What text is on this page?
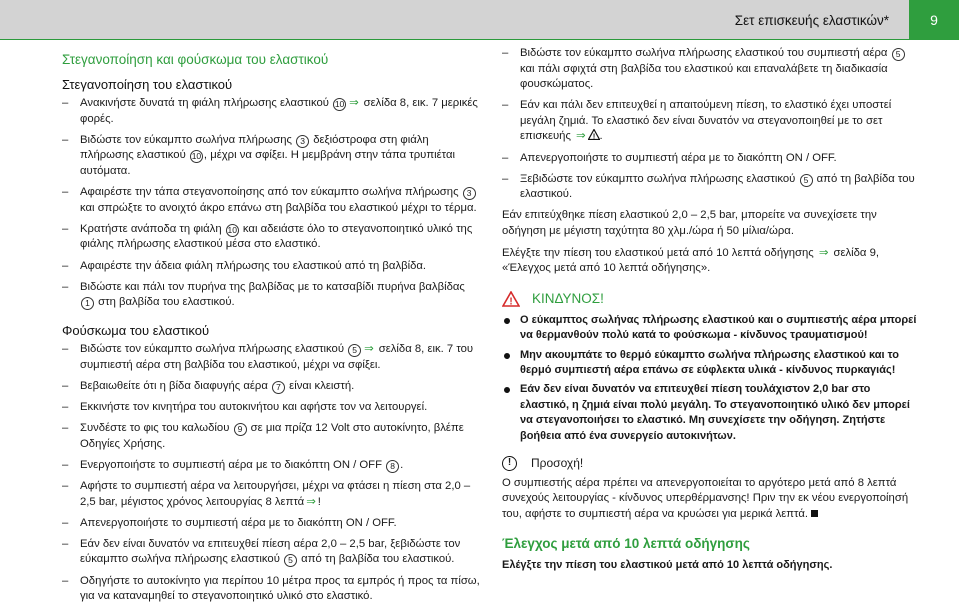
Σετ επισκευής ελαστικών*	9
Στεγανοποίηση και φούσκωμα του ελαστικού
Στεγανοποίηση του ελαστικού
– Ανακινήστε δυνατά τη φιάλη πλήρωσης ελαστικού 10 ⇒ σελίδα 8, εικ. 7 μερικές φορές.
– Βιδώστε τον εύκαμπτο σωλήνα πλήρωσης 3 δεξιόστροφα στη φιάλη πλήρωσης ελαστικού 10 , μέχρι να σφίξει. Η μεμβράνη στην τάπα τρυπιέται αυτόματα.
– Αφαιρέστε την τάπα στεγανοποίησης από τον εύκαμπτο σωλήνα πλήρωσης 3 και σπρώξτε το ανοιχτό άκρο επάνω στη βαλβίδα του ελαστικού μέχρι το τέρμα.
– Κρατήστε ανάποδα τη φιάλη 10 και αδειάστε όλο το στεγανοποιητικό υλικό της φιάλης πλήρωσης ελαστικού μέσα στο ελαστικό.
– Αφαιρέστε την άδεια φιάλη πλήρωσης του ελαστικού από τη βαλβίδα.
– Βιδώστε και πάλι τον πυρήνα της βαλβίδας με το κατσαβίδι πυρήνα βαλβίδας 1 στη βαλβίδα του ελαστικού.
Φούσκωμα του ελαστικού
– Βιδώστε τον εύκαμπτο σωλήνα πλήρωσης ελαστικού 5 ⇒ σελίδα 8, εικ. 7 του συμπιεστή αέρα στη βαλβίδα του ελαστικού, μέχρι να σφίξει.
– Βεβαιωθείτε ότι η βίδα διαφυγής αέρα 7 είναι κλειστή.
– Εκκινήστε τον κινητήρα του αυτοκινήτου και αφήστε τον να λειτουργεί.
– Συνδέστε το φις του καλωδίου 9 σε μια πρίζα 12 Volt στο αυτοκίνητο, βλέπε Οδηγίες Χρήσης.
– Ενεργοποιήστε το συμπιεστή αέρα με το διακόπτη ON / OFF 8 .
– Αφήστε το συμπιεστή αέρα να λειτουργήσει, μέχρι να φτάσει η πίεση στα 2,0 – 2,5 bar, μέγιστος χρόνος λειτουργίας 8 λεπτά ⇒ !
– Απενεργοποιήστε το συμπιεστή αέρα με το διακόπτη ON / OFF.
– Εάν δεν είναι δυνατόν να επιτευχθεί πίεση αέρα 2,0 – 2,5 bar, ξεβιδώστε τον εύκαμπτο σωλήνα πλήρωσης ελαστικού 5 από τη βαλβίδα του ελαστικού.
– Οδηγήστε το αυτοκίνητο για περίπου 10 μέτρα προς τα εμπρός ή προς τα πίσω, για να καταναμηθεί το στεγανοποιητικό υλικό στο ελαστικό.
– Βιδώστε τον εύκαμπτο σωλήνα πλήρωσης ελαστικού του συμπιεστή αέρα 5 και πάλι σφιχτά στη βαλβίδα του ελαστικού και επαναλάβετε τη διαδικασία φουσκώματος.
– Εάν και πάλι δεν επιτευχθεί η απαιτούμενη πίεση, το ελαστικό έχει υποστεί μεγάλη ζημιά. Το ελαστικό δεν είναι δυνατόν να στεγανοποιηθεί με το σετ επισκευής ⇒ ! .
– Απενεργοποιήστε το συμπιεστή αέρα με το διακόπτη ON / OFF.
– Ξεβιδώστε τον εύκαμπτο σωλήνα πλήρωσης ελαστικού 5 από τη βαλβίδα του ελαστικού.
Εάν επιτεύχθηκε πίεση ελαστικού 2,0 – 2,5 bar, μπορείτε να συνεχίσετε την οδήγηση με μέγιστη ταχύτητα 80 χλμ./ώρα ή 50 μίλια/ώρα.
Ελέγξτε την πίεση του ελαστικού μετά από 10 λεπτά οδήγησης ⇒ σελίδα 9, «Έλεγχος μετά από 10 λεπτά οδήγησης».
! ΚΙΝΔΥΝΟΣ!
Ο εύκαμπτος σωλήνας πλήρωσης ελαστικού και ο συμπιεστής αέρα μπορεί να θερμανθούν πολύ κατά το φούσκωμα - κίνδυνος τραυματισμού!
Μην ακουμπάτε το θερμό εύκαμπτο σωλήνα πλήρωσης ελαστικού και το θερμό συμπιεστή αέρα επάνω σε εύφλεκτα υλικά - κίνδυνος πυρκαγιάς!
Εάν δεν είναι δυνατόν να επιτευχθεί πίεση τουλάχιστον 2,0 bar στο ελαστικό, η ζημιά είναι πολύ μεγάλη. Το στεγανοποιητικό υλικό δεν μπορεί να στεγανοποιήσει το ελαστικό. Μη συνεχίσετε την οδήγηση. Ζητήστε βοήθεια από ένα συνεργείο αυτοκινήτων.
!	Προσοχή!
Ο συμπιεστής αέρα πρέπει να απενεργοποιείται το αργότερο μετά από 8 λεπτά συνεχούς λειτουργίας - κίνδυνος υπερθέρμανσης! Πριν την εκ νέου ενεργοποίησή του, αφήστε το συμπιεστή αέρα να κρυώσει για μερικά λεπτά.
Έλεγχος μετά από 10 λεπτά οδήγησης
Ελέγξτε την πίεση του ελαστικού μετά από 10 λεπτά οδήγησης.
